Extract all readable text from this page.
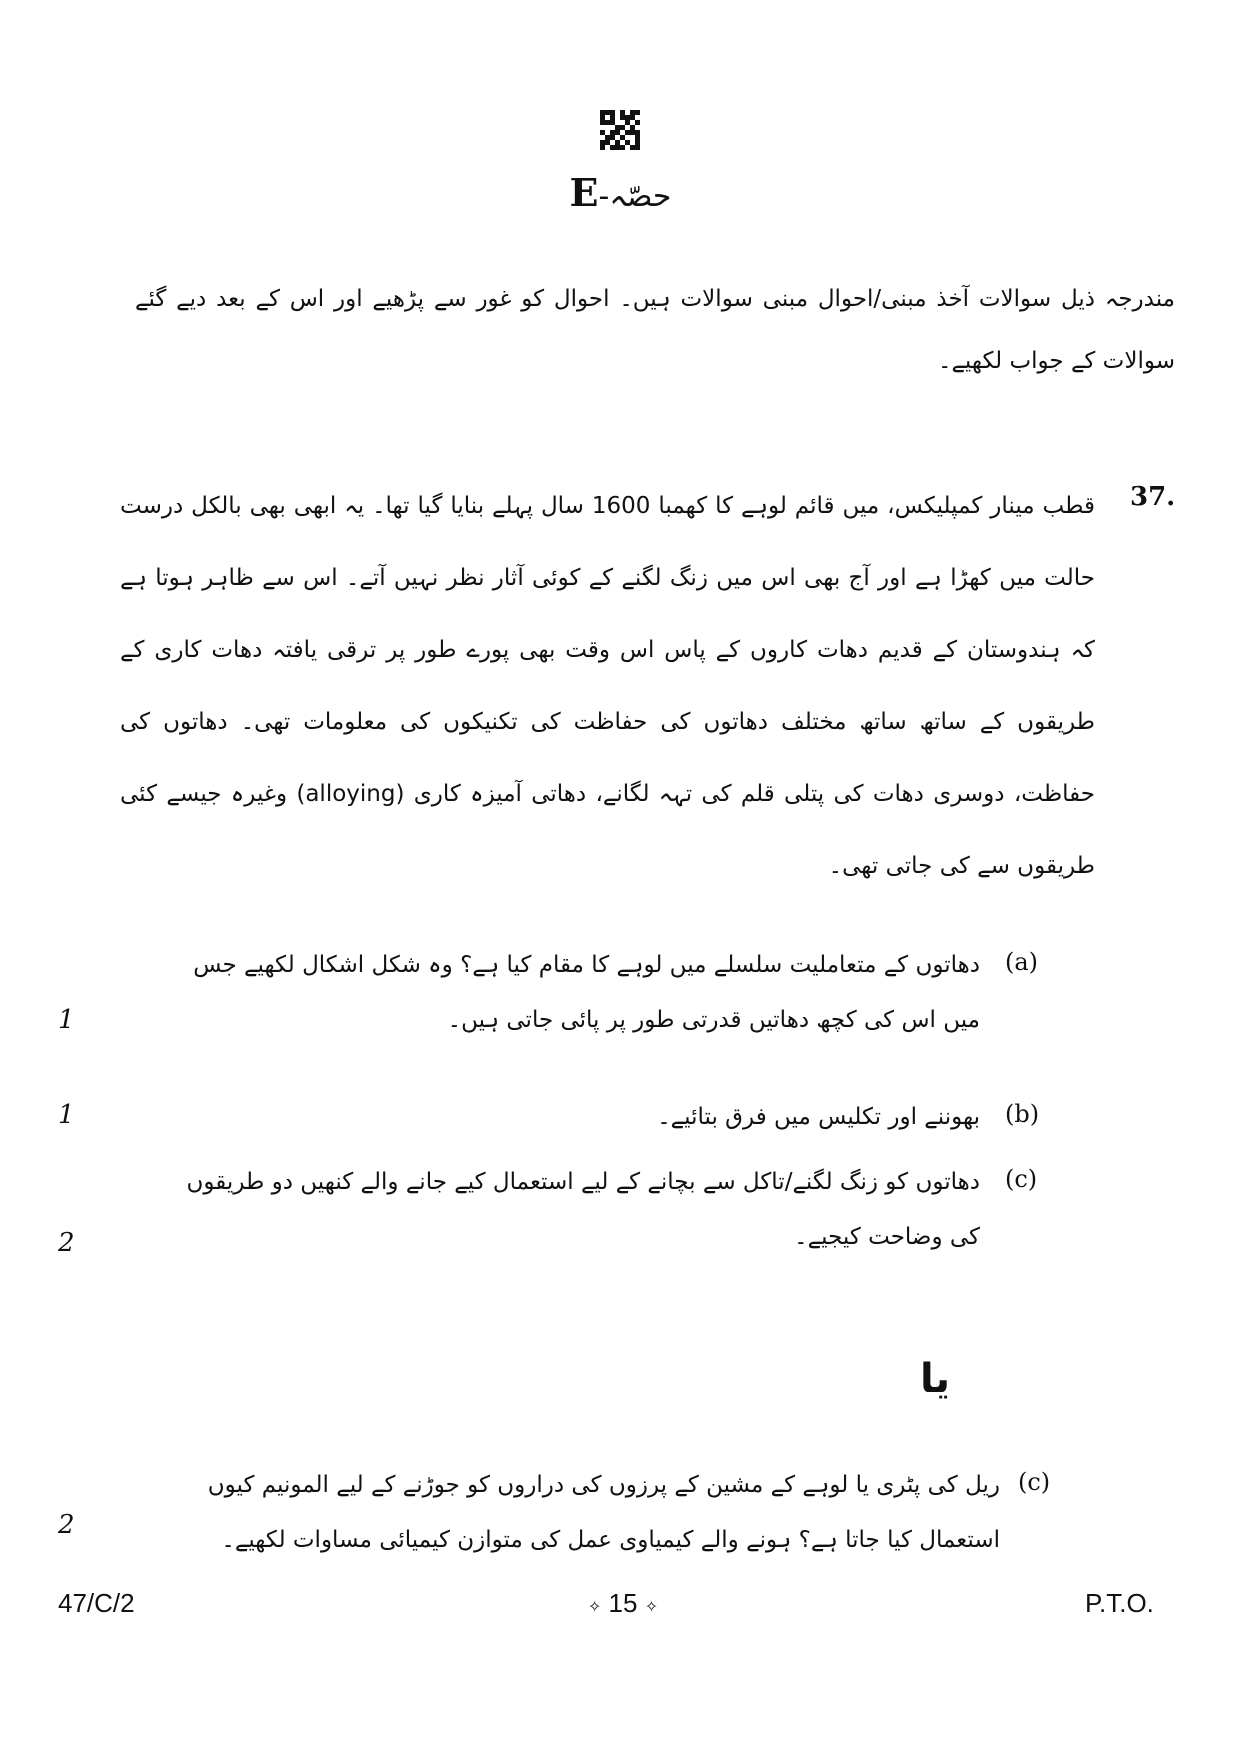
حصّہ-E
مندرجہ ذیل سوالات آخذ مبنی/احوال مبنی سوالات ہیں۔ احوال کو غور سے پڑھیے اور اس کے بعد دیے گئے سوالات کے جواب لکھیے۔
37.
قطب مینار کمپلیکس، میں قائم لوہے کا کھمبا 1600 سال پہلے بنایا گیا تھا۔ یہ ابھی بھی بالکل درست حالت میں کھڑا ہے اور آج بھی اس میں زنگ لگنے کے کوئی آثار نظر نہیں آتے۔ اس سے ظاہر ہوتا ہے کہ ہندوستان کے قدیم دھات کاروں کے پاس اس وقت بھی پورے طور پر ترقی یافتہ دھات کاری کے طریقوں کے ساتھ ساتھ مختلف دھاتوں کی حفاظت کی تکنیکوں کی معلومات تھی۔ دھاتوں کی حفاظت، دوسری دھات کی پتلی قلم کی تہہ لگانے، دھاتی آمیزہ کاری (alloying) وغیرہ جیسے کئی طریقوں سے کی جاتی تھی۔
(a)
دھاتوں کے متعاملیت سلسلے میں لوہے کا مقام کیا ہے؟ وہ شکل اشکال لکھیے جس میں اس کی کچھ دھاتیں قدرتی طور پر پائی جاتی ہیں۔
1
(b)
بھوننے اور تکلیس میں فرق بتائیے۔
1
(c)
دھاتوں کو زنگ لگنے/تاکل سے بچانے کے لیے استعمال کیے جانے والے کنھیں دو طریقوں کی وضاحت کیجیے۔
2
یا
(c)
ریل کی پٹری یا لوہے کے مشین کے پرزوں کی دراروں کو جوڑنے کے لیے المونیم کیوں استعمال کیا جاتا ہے؟ ہونے والے کیمیاوی عمل کی متوازن کیمیائی مساوات لکھیے۔
2
47/C/2	✧ 15 ✧	P.T.O.
